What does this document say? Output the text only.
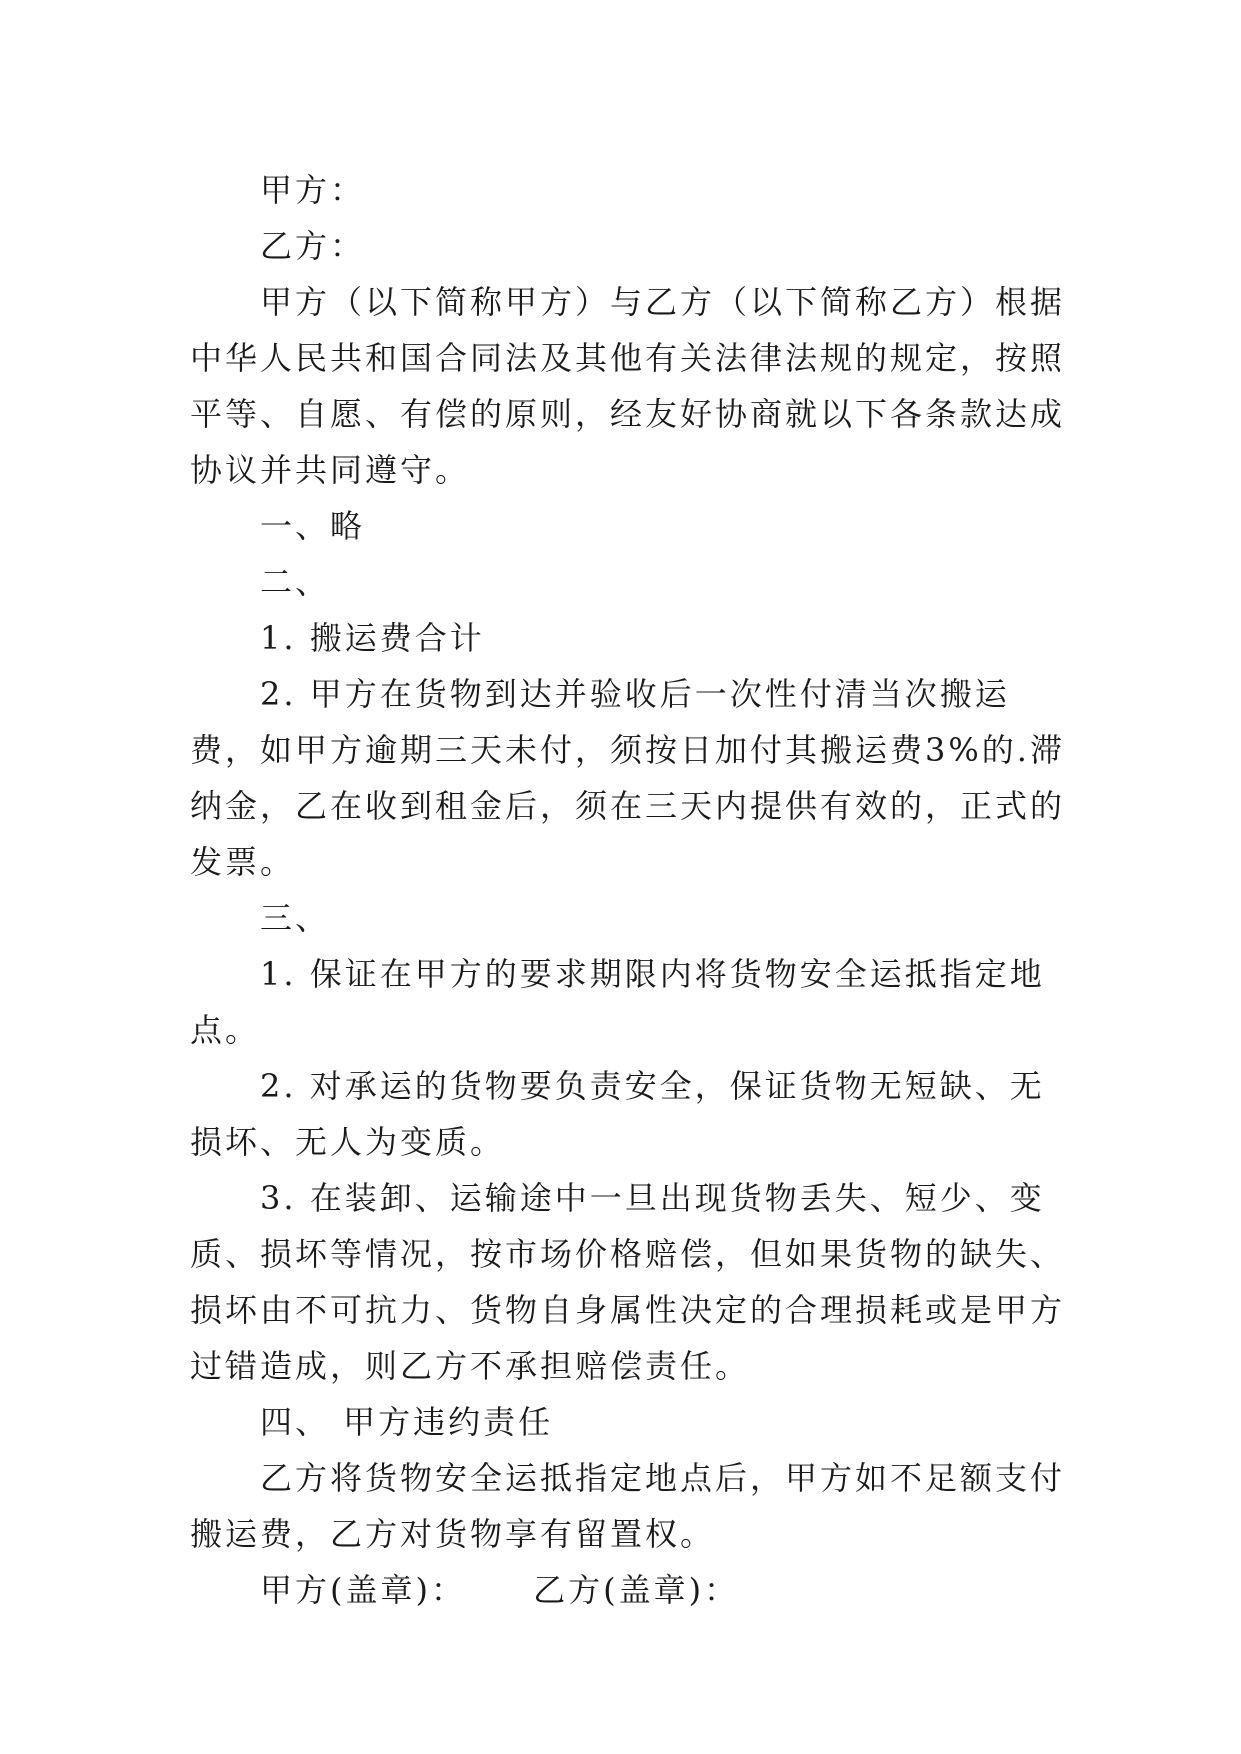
甲方：

乙方：

甲方（以下简称甲方）与乙方（以下简称乙方）根据中华人民共和国合同法及其他有关法律法规的规定，按照平等、自愿、有偿的原则，经友好协商就以下各条款达成协议并共同遵守。

一、略

二、

1. 搬运费合计

2. 甲方在货物到达并验收后一次性付清当次搬运费，如甲方逾期三天未付，须按日加付其搬运费3%的.滞纳金，乙在收到租金后，须在三天内提供有效的，正式的发票。

三、

1. 保证在甲方的要求期限内将货物安全运抵指定地点。

2. 对承运的货物要负责安全，保证货物无短缺、无损坏、无人为变质。

3. 在装卸、运输途中一旦出现货物丢失、短少、变质、损坏等情况，按市场价格赔偿，但如果货物的缺失、损坏由不可抗力、货物自身属性决定的合理损耗或是甲方过错造成，则乙方不承担赔偿责任。

四、 甲方违约责任

乙方将货物安全运抵指定地点后，甲方如不足额支付搬运费，乙方对货物享有留置权。

甲方(盖章)： 乙方(盖章)：
